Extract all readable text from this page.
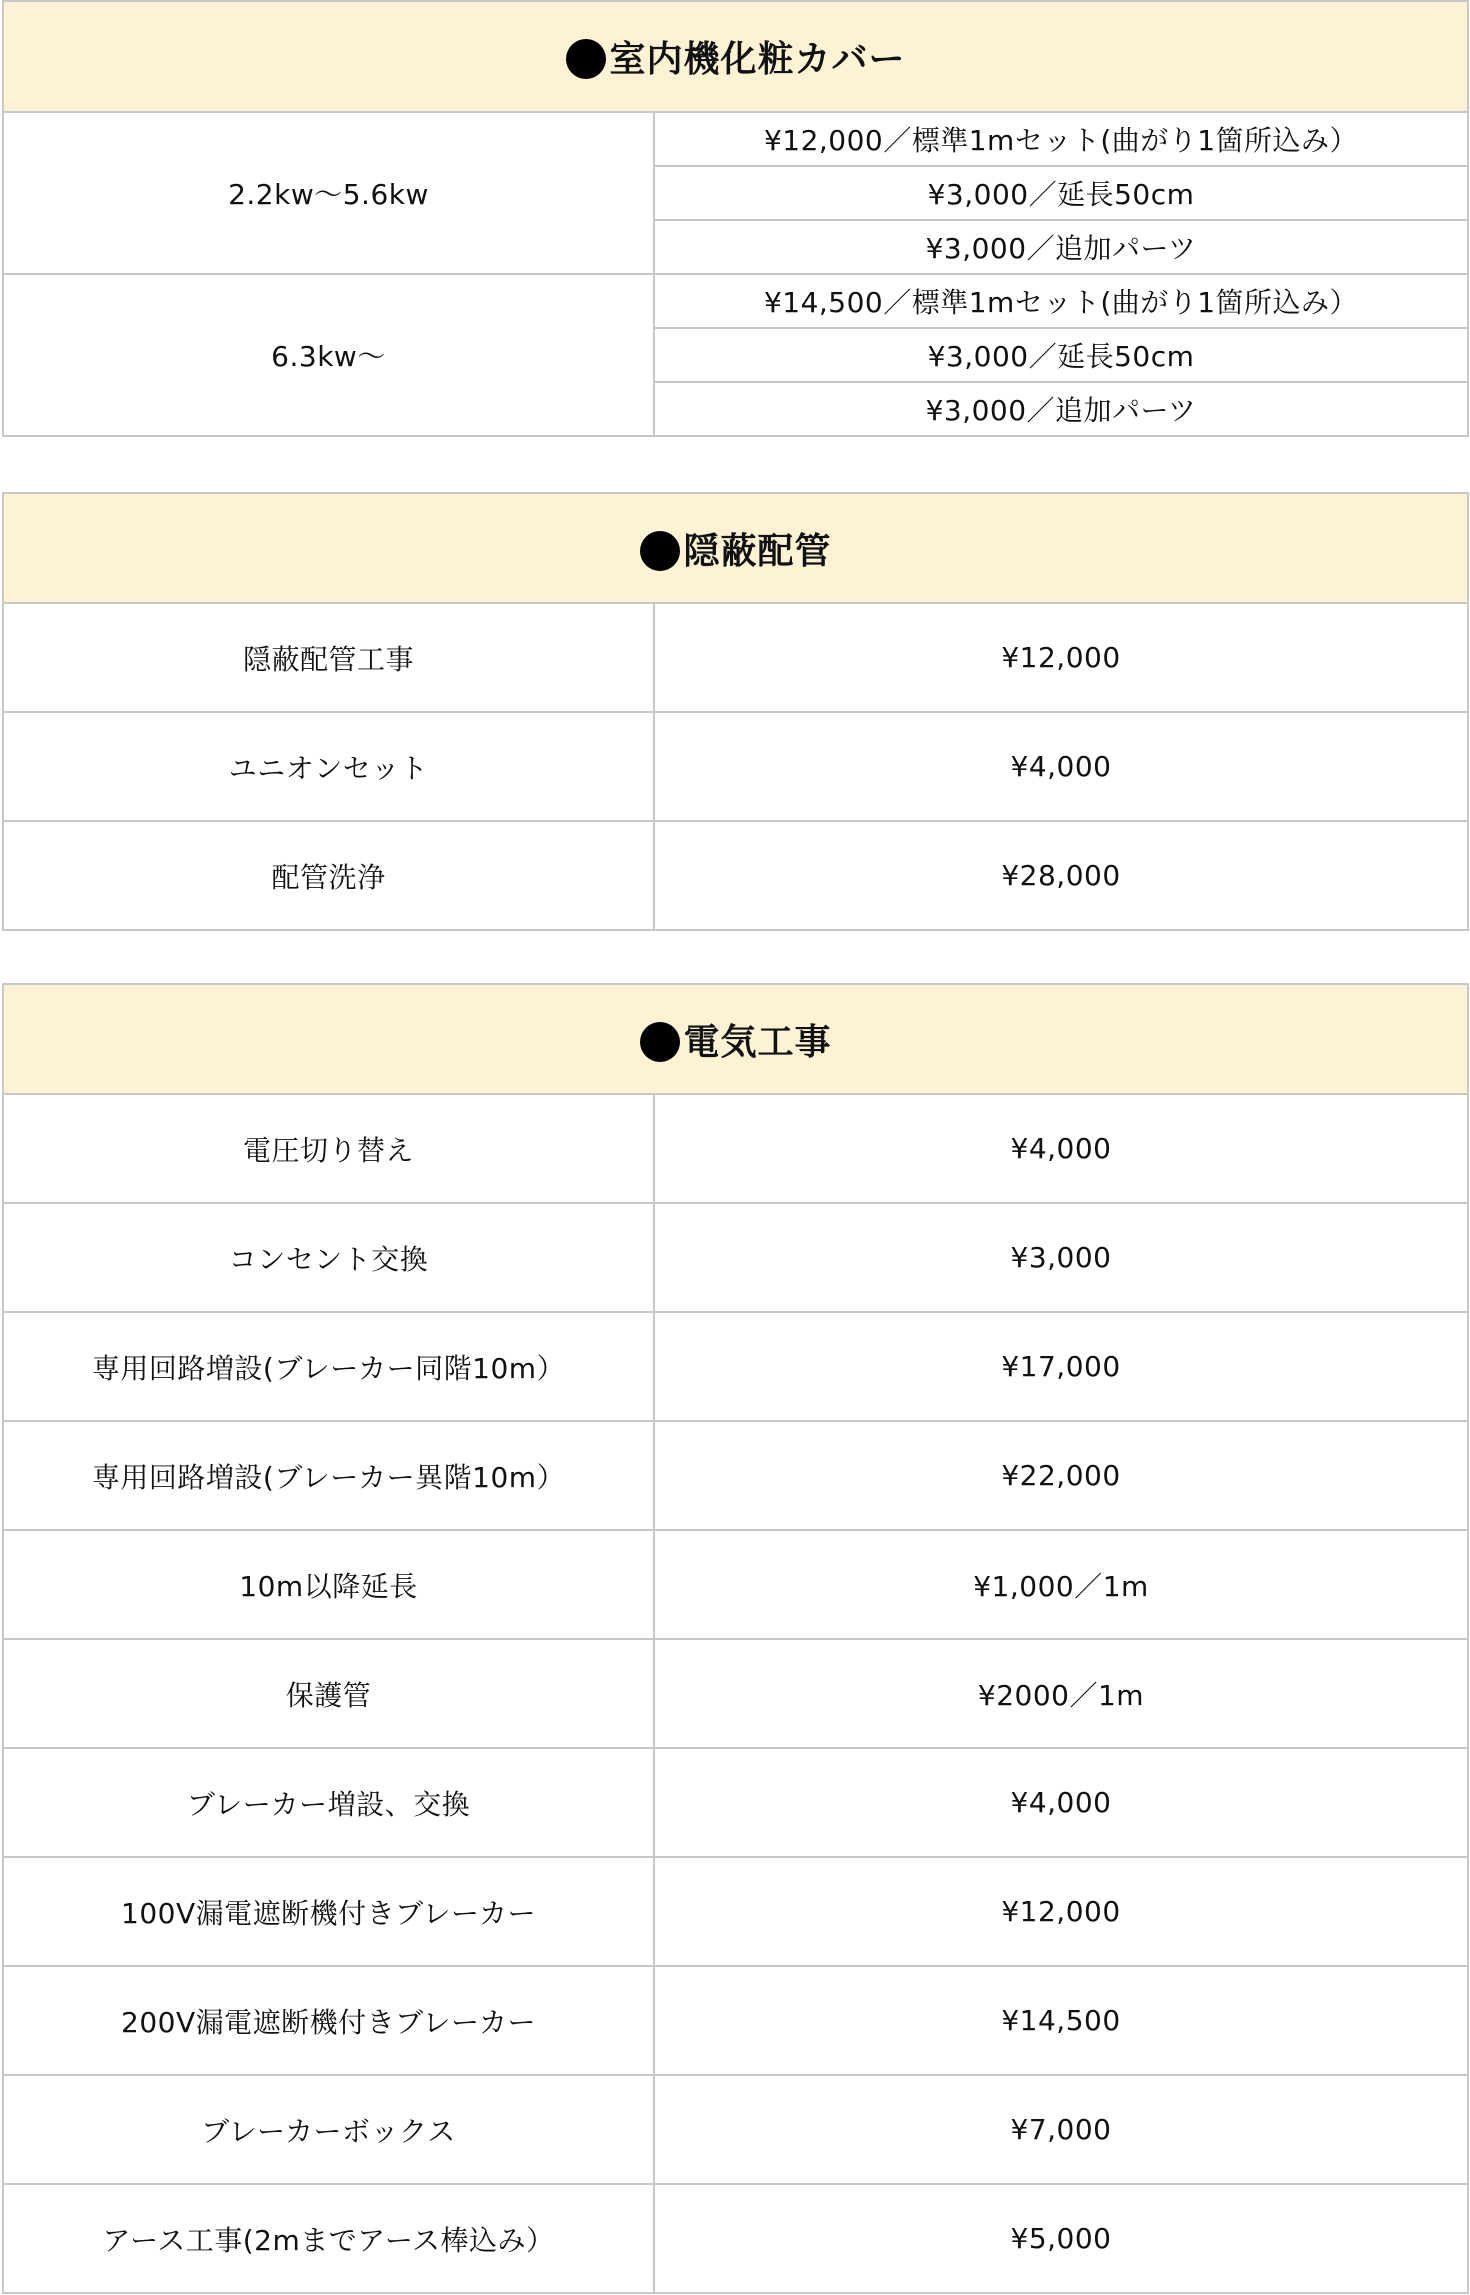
室内機化粧カバー	
2.2kw～5.6kw	¥12,000／標準1mセット(曲がり1箇所込み）
	¥3,000／延長50cm
	¥3,000／追加パーツ
6.3kw～	¥14,500／標準1mセット(曲がり1箇所込み）
	¥3,000／延長50cm
	¥3,000／追加パーツ
隠蔽配管	
隠蔽配管工事	¥12,000
ユニオンセット	¥4,000
配管洗浄	¥28,000
電気工事	
電圧切り替え	¥4,000
コンセント交換	¥3,000
専用回路増設(ブレーカー同階10m）	¥17,000
専用回路増設(ブレーカー異階10m）	¥22,000
10m以降延長	¥1,000／1m
保護管	¥2000／1m
ブレーカー増設、交換	¥4,000
100V漏電遮断機付きブレーカー	¥12,000
200V漏電遮断機付きブレーカー	¥14,500
ブレーカーボックス	¥7,000
アース工事(2mまでアース棒込み）	¥5,000
